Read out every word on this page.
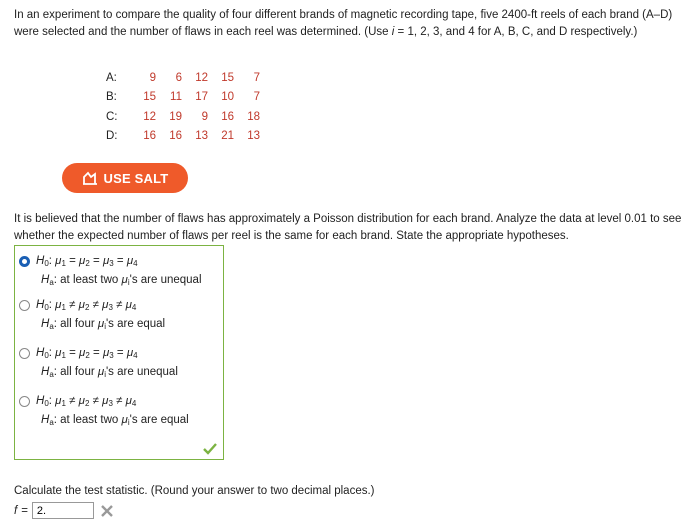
In an experiment to compare the quality of four different brands of magnetic recording tape, five 2400-ft reels of each brand (A–D) were selected and the number of flaws in each reel was determined. (Use i = 1, 2, 3, and 4 for A, B, C, and D respectively.)
A:	9	6	12	15	7
B:	15	11	17	10	7
C:	12	19	9	16	18
D:	16	16	13	21	13
USE SALT
It is believed that the number of flaws has approximately a Poisson distribution for each brand. Analyze the data at level 0.01 to see whether the expected number of flaws per reel is the same for each brand. State the appropriate hypotheses.
$H_0$: $\mu_1 = \mu_2 = \mu_3 = \mu_4$
$H_a$: at least two $\mu_i's$ are unequal
$H_0$: $\mu_1 \ne \mu_2 \ne \mu_3 \ne \mu_4$
$H_a$: all four $\mu_i's$ are equal
$H_0$: $\mu_1 = \mu_2 = \mu_3 = \mu_4$
$H_a$: all four $\mu_i's$ are unequal
$H_0$: $\mu_1 \ne \mu_2 \ne \mu_3 \ne \mu_4$
$H_a$: at least two $\mu_i's$ are equal
Calculate the test statistic. (Round your answer to two decimal places.)
f =
2.
